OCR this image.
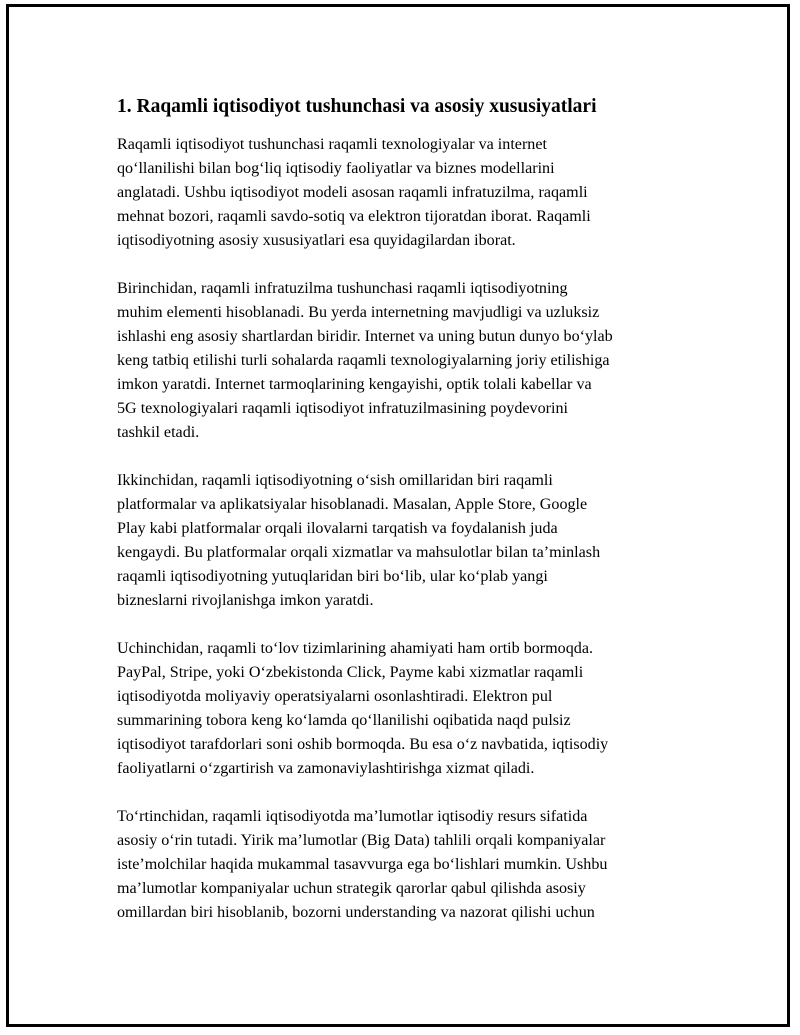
1. Raqamli iqtisodiyot tushunchasi va asosiy xususiyatlari
Raqamli iqtisodiyot tushunchasi raqamli texnologiyalar va internet
qo‘llanilishi bilan bog‘liq iqtisodiy faoliyatlar va biznes modellarini
anglatadi. Ushbu iqtisodiyot modeli asosan raqamli infratuzilma, raqamli
mehnat bozori, raqamli savdo-sotiq va elektron tijoratdan iborat. Raqamli
iqtisodiyotning asosiy xususiyatlari esa quyidagilardan iborat.
Birinchidan, raqamli infratuzilma tushunchasi raqamli iqtisodiyotning
muhim elementi hisoblanadi. Bu yerda internetning mavjudligi va uzluksiz
ishlashi eng asosiy shartlardan biridir. Internet va uning butun dunyo bo‘ylab
keng tatbiq etilishi turli sohalarda raqamli texnologiyalarning joriy etilishiga
imkon yaratdi. Internet tarmoqlarining kengayishi, optik tolali kabellar va
5G texnologiyalari raqamli iqtisodiyot infratuzilmasining poydevorini
tashkil etadi.
Ikkinchidan, raqamli iqtisodiyotning o‘sish omillaridan biri raqamli
platformalar va aplikatsiyalar hisoblanadi. Masalan, Apple Store, Google
Play kabi platformalar orqali ilovalarni tarqatish va foydalanish juda
kengaydi. Bu platformalar orqali xizmatlar va mahsulotlar bilan ta’minlash
raqamli iqtisodiyotning yutuqlaridan biri bo‘lib, ular ko‘plab yangi
bizneslarni rivojlanishga imkon yaratdi.
Uchinchidan, raqamli to‘lov tizimlarining ahamiyati ham ortib bormoqda.
PayPal, Stripe, yoki O‘zbekistonda Click, Payme kabi xizmatlar raqamli
iqtisodiyotda moliyaviy operatsiyalarni osonlashtiradi. Elektron pul
summarining tobora keng ko‘lamda qo‘llanilishi oqibatida naqd pulsiz
iqtisodiyot tarafdorlari soni oshib bormoqda. Bu esa o‘z navbatida, iqtisodiy
faoliyatlarni o‘zgartirish va zamonaviylashtirishga xizmat qiladi.
To‘rtinchidan, raqamli iqtisodiyotda ma’lumotlar iqtisodiy resurs sifatida
asosiy o‘rin tutadi. Yirik ma’lumotlar (Big Data) tahlili orqali kompaniyalar
iste’molchilar haqida mukammal tasavvurga ega bo‘lishlari mumkin. Ushbu
ma’lumotlar kompaniyalar uchun strategik qarorlar qabul qilishda asosiy
omillardan biri hisoblanib, bozorni understanding va nazorat qilishi uchun
